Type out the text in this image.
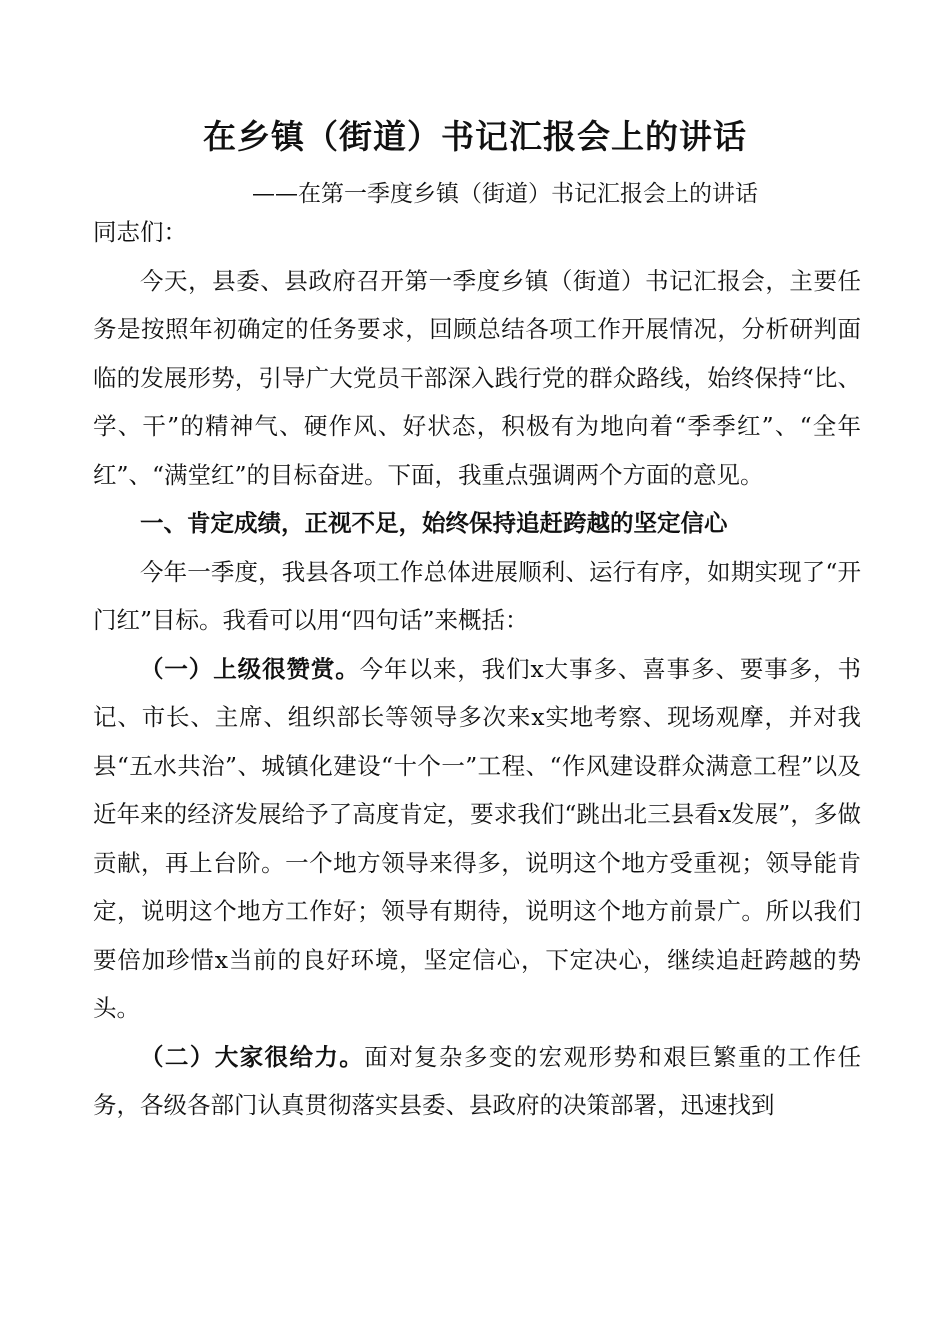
在乡镇（街道）书记汇报会上的讲话
——在第一季度乡镇（街道）书记汇报会上的讲话

同志们：

今天，县委、县政府召开第一季度乡镇（街道）书记汇报会，主要任务是按照年初确定的任务要求，回顾总结各项工作开展情况，分析研判面临的发展形势，引导广大党员干部深入践行党的群众路线，始终保持“比、学、干”的精神气、硬作风、好状态，积极有为地向着“季季红”、“全年红”、“满堂红”的目标奋进。下面，我重点强调两个方面的意见。

一、肯定成绩，正视不足，始终保持追赶跨越的坚定信心

今年一季度，我县各项工作总体进展顺利、运行有序，如期实现了“开门红”目标。我看可以用“四句话”来概括：

（一）上级很赞赏。今年以来，我们x大事多、喜事多、要事多，书记、市长、主席、组织部长等领导多次来x实地考察、现场观摩，并对我县“五水共治”、城镇化建设“十个一”工程、“作风建设群众满意工程”以及近年来的经济发展给予了高度肯定，要求我们“跳出北三县看x发展”，多做贡献，再上台阶。一个地方领导来得多，说明这个地方受重视；领导能肯定，说明这个地方工作好；领导有期待，说明这个地方前景广。所以我们要倍加珍惜x当前的良好环境，坚定信心，下定决心，继续追赶跨越的势头。

（二）大家很给力。面对复杂多变的宏观形势和艰巨繁重的工作任务，各级各部门认真贯彻落实县委、县政府的决策部署，迅速找到
